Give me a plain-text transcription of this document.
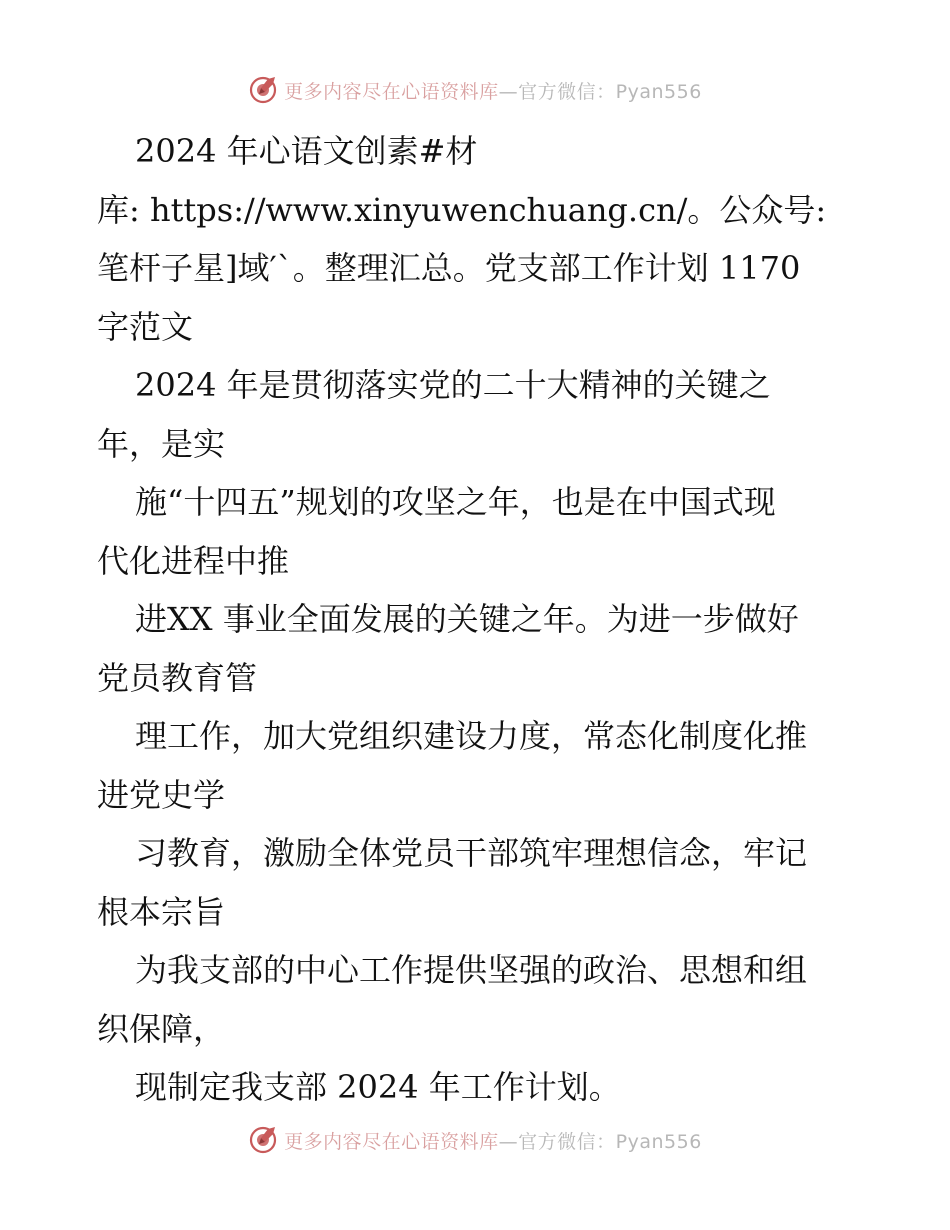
更多内容尽在心语资料库—官方微信：Pyan556
2024 年心语文创素#材
库: https://www.xinyuwenchuang.cn/。公众号:
笔杆子星]域′`。整理汇总。党支部工作计划 1170
字范文
2024 年是贯彻落实党的二十大精神的关键之
年，是实
施“十四五”规划的攻坚之年，也是在中国式现
代化进程中推
进XX 事业全面发展的关键之年。为进一步做好
党员教育管
理工作，加大党组织建设力度，常态化制度化推
进党史学
习教育，激励全体党员干部筑牢理想信念，牢记
根本宗旨
为我支部的中心工作提供坚强的政治、思想和组
织保障，
现制定我支部 2024 年工作计划。
更多内容尽在心语资料库—官方微信：Pyan556
